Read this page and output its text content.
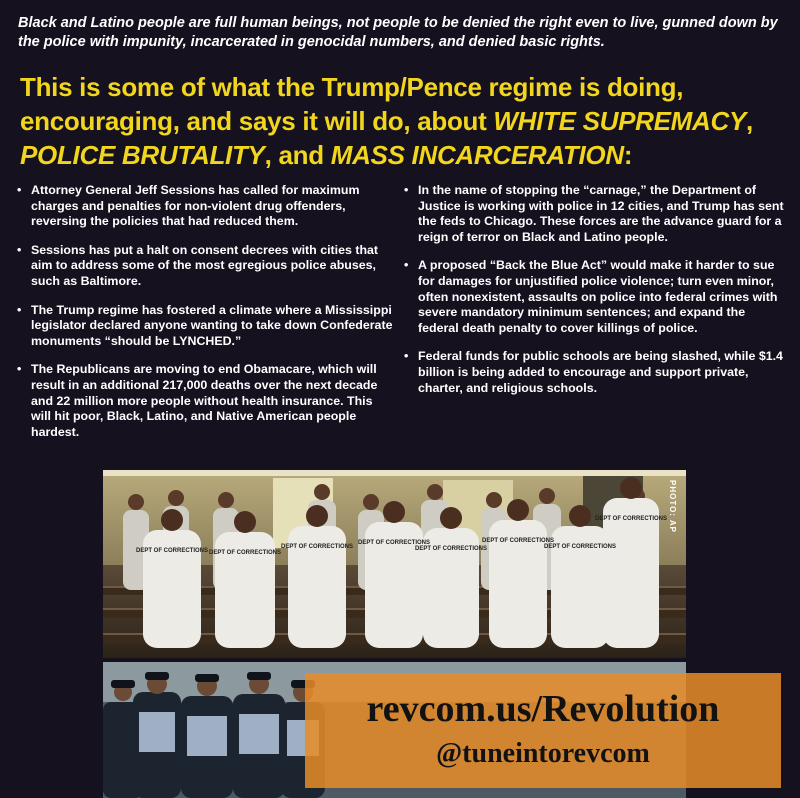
Black and Latino people are full human beings, not people to be denied the right even to live, gunned down by the police with impunity, incarcerated in genocidal numbers, and denied basic rights.
This is some of what the Trump/Pence regime is doing, encouraging, and says it will do, about WHITE SUPREMACY, POLICE BRUTALITY, and MASS INCARCERATION:
• Attorney General Jeff Sessions has called for maximum charges and penalties for non-violent drug offenders, reversing the policies that had reduced them.
• Sessions has put a halt on consent decrees with cities that aim to address some of the most egregious police abuses, such as Baltimore.
• The Trump regime has fostered a climate where a Mississippi legislator declared anyone wanting to take down Confederate monuments “should be LYNCHED.”
• The Republicans are moving to end Obamacare, which will result in an additional 217,000 deaths over the next decade and 22 million more people without health insurance. This will hit poor, Black, Latino, and Native American people hardest.
• In the name of stopping the “carnage,” the Department of Justice is working with police in 12 cities, and Trump has sent the feds to Chicago. These forces are the advance guard for a reign of terror on Black and Latino people.
• A proposed “Back the Blue Act” would make it harder to sue for damages for unjustified police violence; turn even minor, often nonexistent, assaults on police into federal crimes with severe mandatory minimum sentences; and expand the federal death penalty to cover killings of police.
• Federal funds for public schools are being slashed, while $1.4 billion is being added to encourage and support private, charter, and religious schools.
DEPT OF CORRECTIONS DEPT OF CORRECTIONS
DEPT OF CORRECTIONS
DEPT OF CORRECTIONS
DEPT OF CORRECTIONS
DEPT OF CORRECTIONS
DEPT OF CORRECTIONS
DEPT OF CORRECTIONS PHOTO: AP
revcom.us/Revolution
@tuneintorevcom
